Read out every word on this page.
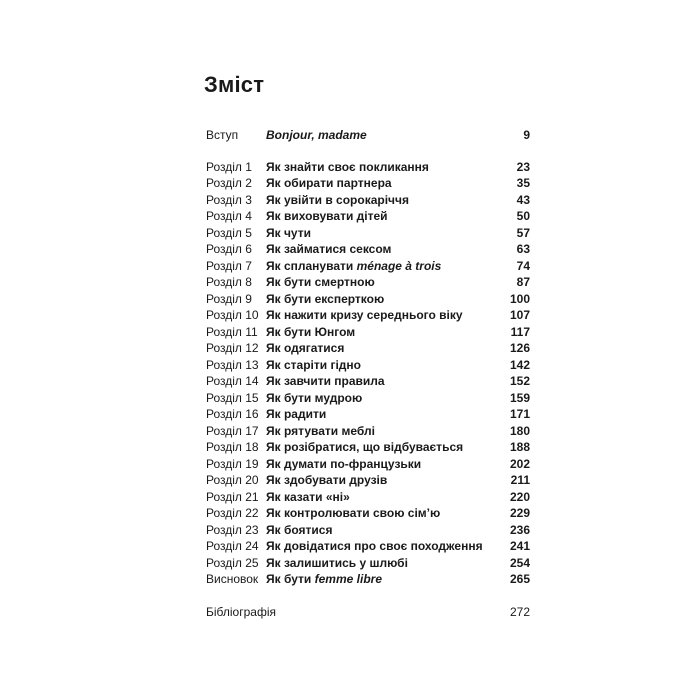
Зміст
Вступ Bonjour, madame	9
Розділ 1 Як знайти своє покликання	23
Розділ 2 Як обирати партнера	35
Розділ 3 Як увійти в сорокаріччя	43
Розділ 4 Як виховувати дітей	50
Розділ 5 Як чути	57
Розділ 6 Як займатися сексом	63
Розділ 7 Як спланувати ménage à trois	74
Розділ 8 Як бути смертною	87
Розділ 9 Як бути експерткою	100
Розділ 10 Як нажити кризу середнього віку	107
Розділ 11 Як бути Юнгом	117
Розділ 12 Як одягатися	126
Розділ 13 Як старіти гідно	142
Розділ 14 Як завчити правила	152
Розділ 15 Як бути мудрою	159
Розділ 16 Як радити	171
Розділ 17 Як рятувати меблі	180
Розділ 18 Як розібратися, що відбувається	188
Розділ 19 Як думати по-французьки	202
Розділ 20 Як здобувати друзів	211
Розділ 21 Як казати «ні»	220
Розділ 22 Як контролювати свою сім’ю	229
Розділ 23 Як боятися	236
Розділ 24 Як довідатися про своє походження 241
Розділ 25 Як залишитись у шлюбі	254
Висновок Як бути femme libre	265
Бібліографія	272
